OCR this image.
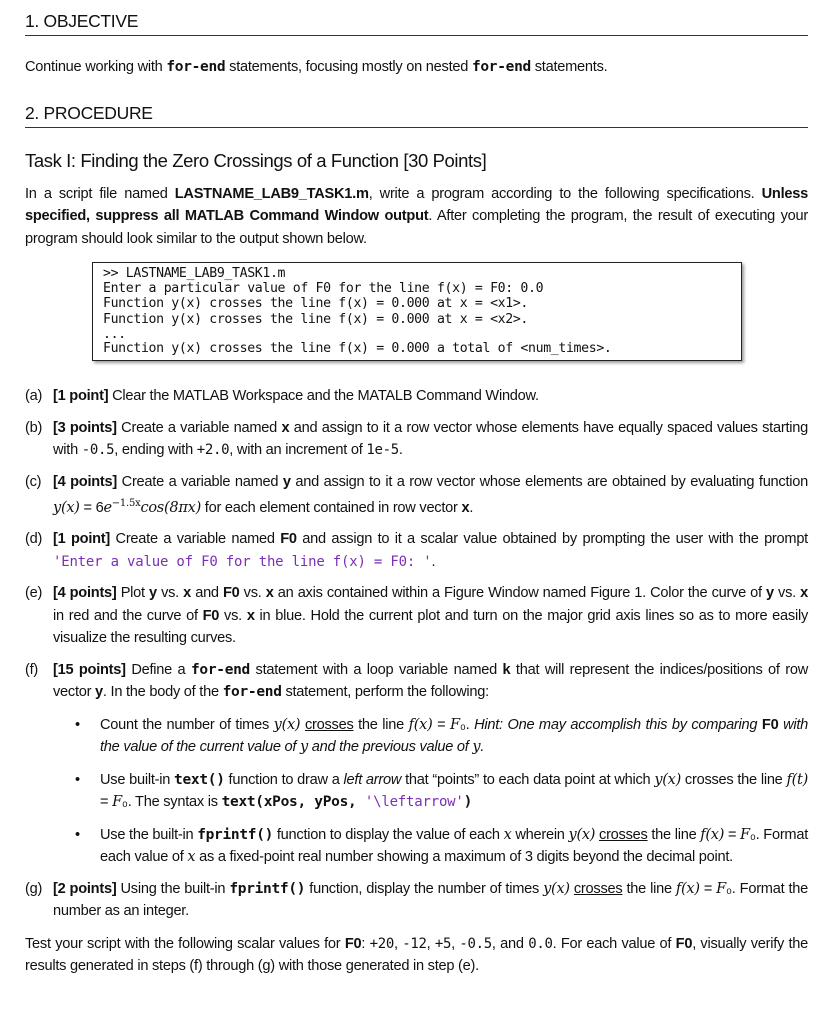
1. OBJECTIVE
Continue working with for-end statements, focusing mostly on nested for-end statements.
2. PROCEDURE
Task I: Finding the Zero Crossings of a Function [30 Points]
In a script file named LASTNAME_LAB9_TASK1.m, write a program according to the following specifications. Unless specified, suppress all MATLAB Command Window output. After completing the program, the result of executing your program should look similar to the output shown below.
>> LASTNAME_LAB9_TASK1.m
Enter a particular value of F0 for the line f(x) = F0: 0.0
Function y(x) crosses the line f(x) = 0.000 at x = <x1>.
Function y(x) crosses the line f(x) = 0.000 at x = <x2>.
...
Function y(x) crosses the line f(x) = 0.000 a total of <num_times>.
(a) [1 point] Clear the MATLAB Workspace and the MATALB Command Window.
(b) [3 points] Create a variable named x and assign to it a row vector whose elements have equally spaced values starting with -0.5, ending with +2.0, with an increment of 1e-5.
(c) [4 points] Create a variable named y and assign to it a row vector whose elements are obtained by evaluating function $y(x) = 6e^{-1.5x}\cos(8\pi x)$ for each element contained in row vector x.
(d) [1 point] Create a variable named F0 and assign to it a scalar value obtained by prompting the user with the prompt 'Enter a value of F0 for the line f(x) = F0: '.
(e) [4 points] Plot y vs. x and F0 vs. x an axis contained within a Figure Window named Figure 1. Color the curve of y vs. x in red and the curve of F0 vs. x in blue. Hold the current plot and turn on the major grid axis lines so as to more easily visualize the resulting curves.
(f) [15 points] Define a for-end statement with a loop variable named k that will represent the indices/positions of row vector y. In the body of the for-end statement, perform the following:
• Count the number of times y(x) crosses the line f(x) = F₀. Hint: One may accomplish this by comparing F0 with the value of the current value of y and the previous value of y.
• Use built-in text() function to draw a left arrow that “points” to each data point at which y(x) crosses the line f(t) = F₀. The syntax is text(xPos, yPos, '\leftarrow')
• Use the built-in fprintf() function to display the value of each x wherein y(x) crosses the line f(x) = F₀. Format each value of x as a fixed-point real number showing a maximum of 3 digits beyond the decimal point.
(g) [2 points] Using the built-in fprintf() function, display the number of times y(x) crosses the line f(x) = F₀. Format the number as an integer.
Test your script with the following scalar values for F0: +20, -12, +5, -0.5, and 0.0. For each value of F0, visually verify the results generated in steps (f) through (g) with those generated in step (e).
